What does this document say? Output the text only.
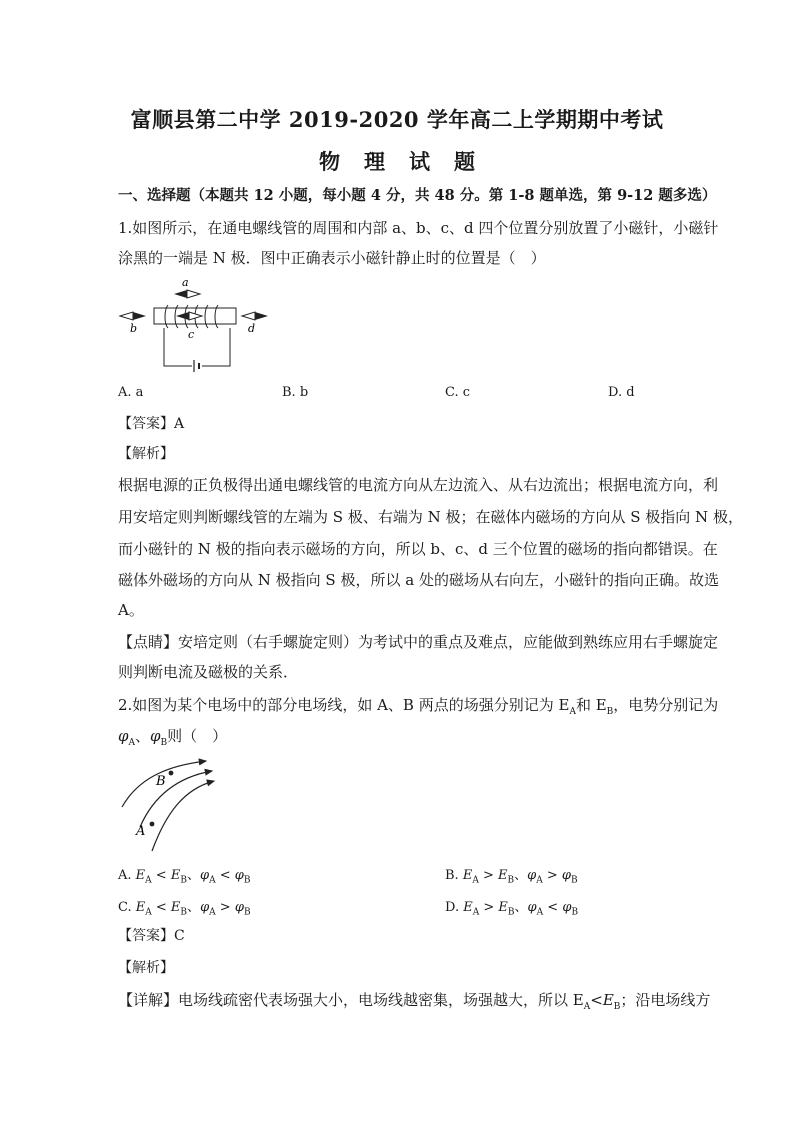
富顺县第二中学 2019-2020 学年高二上学期期中考试
物 理 试 题
一、选择题（本题共 12 小题，每小题 4 分，共 48 分。第 1-8 题单选，第 9-12 题多选）
1.如图所示，在通电螺线管的周围和内部 a、b、c、d 四个位置分别放置了小磁针，小磁针
涂黑的一端是 N 极．图中正确表示小磁针静止时的位置是（　）
a
c
b	d
A. a	B. b	C. c	D. d
【答案】A
【解析】
根据电源的正负极得出通电螺线管的电流方向从左边流入、从右边流出；根据电流方向，利
用安培定则判断螺线管的左端为 S 极、右端为 N 极；在磁体内磁场的方向从 S 极指向 N 极，
而小磁针的 N 极的指向表示磁场的方向，所以 b、c、d 三个位置的磁场的指向都错误。在
磁体外磁场的方向从 N 极指向 S 极，所以 a 处的磁场从右向左，小磁针的指向正确。故选
A。
【点睛】安培定则（右手螺旋定则）为考试中的重点及难点，应能做到熟练应用右手螺旋定
则判断电流及磁极的关系．
2.如图为某个电场中的部分电场线，如 A、B 两点的场强分别记为 $E_A$和 $E_B$，电势分别记为
$\varphi_A$、$\varphi_B$则（　）
B
A
A. $E_A < E_B$、$\varphi_A < \varphi_B$	B. $E_A > E_B$、$\varphi_A > \varphi_B$
C. $E_A < E_B$、$\varphi_A > \varphi_B$	D. $E_A > E_B$、$\varphi_A < \varphi_B$
【答案】C
【解析】
【详解】电场线疏密代表场强大小，电场线越密集，场强越大，所以 $E_A<E_B$；沿电场线方
